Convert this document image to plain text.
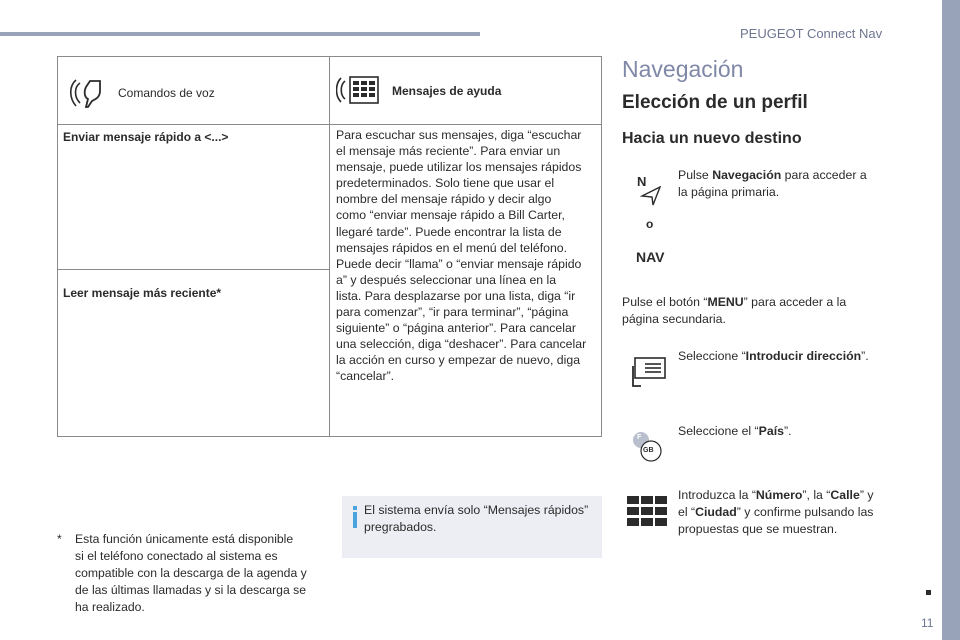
PEUGEOT Connect Nav
11
Comandos de voz	Mensajes de ayuda
Enviar mensaje rápido a <...>
Leer mensaje más reciente*
Para escuchar sus mensajes, diga “escuchar
el mensaje más reciente”. Para enviar un
mensaje, puede utilizar los mensajes rápidos
predeterminados. Solo tiene que usar el
nombre del mensaje rápido y decir algo
como “enviar mensaje rápido a Bill Carter,
llegaré tarde”. Puede encontrar la lista de
mensajes rápidos en el menú del teléfono.
Puede decir “llama” o “enviar mensaje rápido
a” y después seleccionar una línea en la
lista. Para desplazarse por una lista, diga “ir
para comenzar”, “ir para terminar”, “página
siguiente” o “página anterior”. Para cancelar
una selección, diga “deshacer”. Para cancelar
la acción en curso y empezar de nuevo, diga
“cancelar”.
* Esta función únicamente está disponible
si el teléfono conectado al sistema es
compatible con la descarga de la agenda y
de las últimas llamadas y si la descarga se
ha realizado.
El sistema envía solo “Mensajes rápidos”
pregrabados.
Navegación
Elección de un perfil
Hacia un nuevo destino
N
o
NAV
Pulse Navegación para acceder a
la página primaria.
Pulse el botón “MENU” para acceder a la
página secundaria.
Seleccione “Introducir dirección”.
F
GB
Seleccione el “País”.
Introduzca la “Número”, la “Calle” y
el “Ciudad” y confirme pulsando las
propuestas que se muestran.
